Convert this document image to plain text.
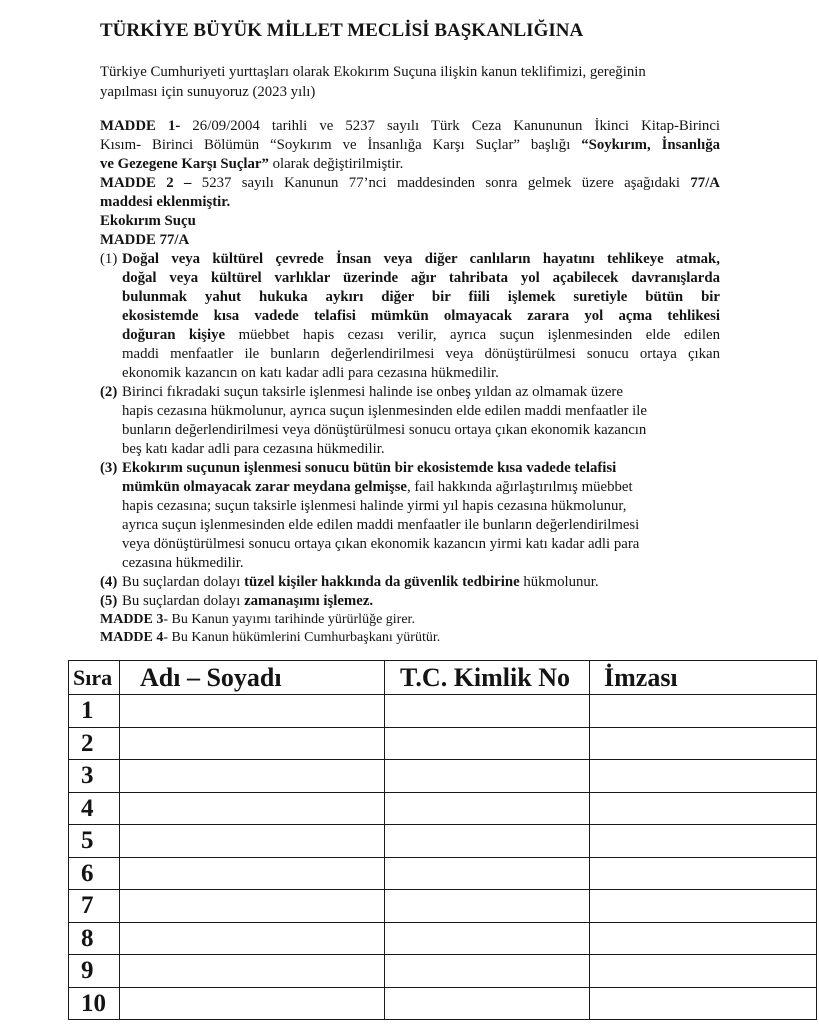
TÜRKİYE BÜYÜK MİLLET MECLİSİ BAŞKANLIĞINA
Türkiye Cumhuriyeti yurttaşları olarak Ekokırım Suçuna ilişkin kanun teklifimizi, gereğinin
yapılması için sunuyoruz (2023 yılı)
MADDE 1- 26/09/2004 tarihli ve 5237 sayılı Türk Ceza Kanununun İkinci Kitap-Birinci
Kısım- Birinci Bölümün “Soykırım ve İnsanlığa Karşı Suçlar” başlığı “Soykırım, İnsanlığa
ve Gezegene Karşı Suçlar” olarak değiştirilmiştir.
MADDE 2 – 5237 sayılı Kanunun 77’nci maddesinden sonra gelmek üzere aşağıdaki 77/A
maddesi eklenmiştir.
Ekokırım Suçu
MADDE 77/A
(1) Doğal veya kültürel çevrede İnsan veya diğer canlıların hayatını tehlikeye atmak,
doğal veya kültürel varlıklar üzerinde ağır tahribata yol açabilecek davranışlarda
bulunmak yahut hukuka aykırı diğer bir fiili işlemek suretiyle bütün bir
ekosistemde kısa vadede telafisi mümkün olmayacak zarara yol açma tehlikesi
doğuran kişiye müebbet hapis cezası verilir, ayrıca suçun işlenmesinden elde edilen
maddi menfaatler ile bunların değerlendirilmesi veya dönüştürülmesi sonucu ortaya çıkan
ekonomik kazancın on katı kadar adli para cezasına hükmedilir.
(2) Birinci fıkradaki suçun taksirle işlenmesi halinde ise onbeş yıldan az olmamak üzere
hapis cezasına hükmolunur, ayrıca suçun işlenmesinden elde edilen maddi menfaatler ile
bunların değerlendirilmesi veya dönüştürülmesi sonucu ortaya çıkan ekonomik kazancın
beş katı kadar adli para cezasına hükmedilir.
(3) Ekokırım suçunun işlenmesi sonucu bütün bir ekosistemde kısa vadede telafisi
mümkün olmayacak zarar meydana gelmişse, fail hakkında ağırlaştırılmış müebbet
hapis cezasına; suçun taksirle işlenmesi halinde yirmi yıl hapis cezasına hükmolunur,
ayrıca suçun işlenmesinden elde edilen maddi menfaatler ile bunların değerlendirilmesi
veya dönüştürülmesi sonucu ortaya çıkan ekonomik kazancın yirmi katı kadar adli para
cezasına hükmedilir.
(4) Bu suçlardan dolayı tüzel kişiler hakkında da güvenlik tedbirine hükmolunur.
(5) Bu suçlardan dolayı zamanaşımı işlemez.
MADDE 3- Bu Kanun yayımı tarihinde yürürlüğe girer.
MADDE 4- Bu Kanun hükümlerini Cumhurbaşkanı yürütür.
Sıra	Adı – Soyadı	T.C. Kimlik No	İmzası
1
2
3
4
5
6
7
8
9
10
